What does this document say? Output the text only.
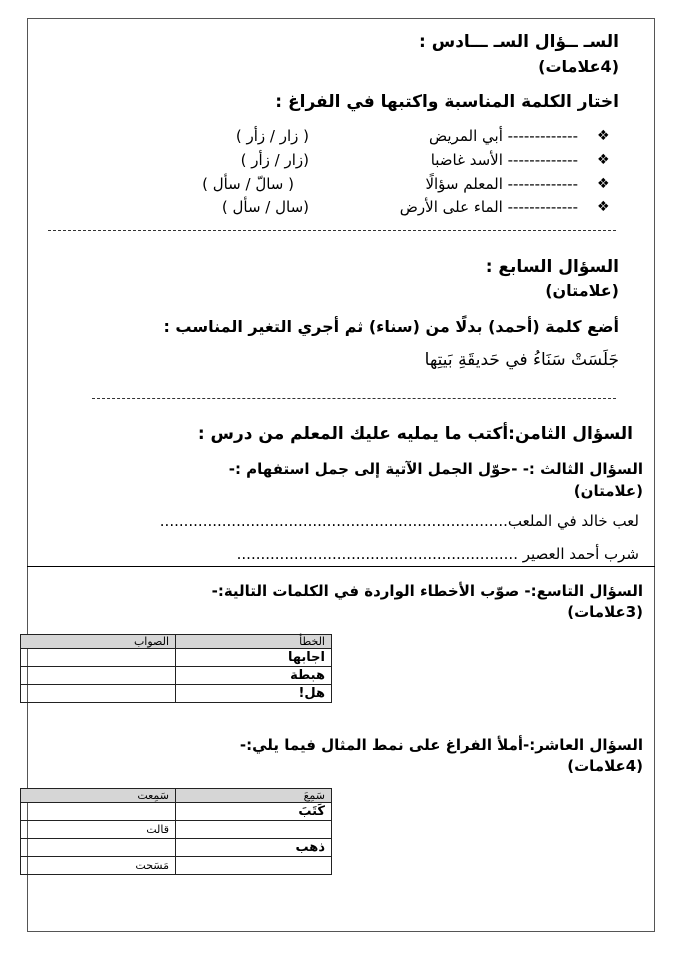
السـ ــؤال السـ ـــادس :
(4علامات)
اختار الكلمة المناسبة واكتبها في الفراغ :
❖
------------- أبي المريض
( زار / زأر )
❖
------------- الأسد غاضبا
(زار / زأر )
❖
------------- المعلم سؤالًا
( سالّ / سأل )
❖
------------- الماء على الأرض
(سال / سأل )
السؤال السابع :
(علامتان)
أضع كلمة (أحمد) بدلًا من (سناء) ثم أجري التغير المناسب :
جَلَسَتْ سَنَاءُ في حَديقَةِ بَيتِها
السؤال الثامن:أكتب ما يمليه عليك المعلم من درس :
السؤال الثالث :- -حوّل الجمل الآتية إلى جمل استفهام :-
(علامتان)
لعب خالد في الملعب.........................................................................
شرب أحمد العصير ...........................................................
السؤال التاسع:- صوّب الأخطاء الواردة في الكلمات التالية:-
(3علامات)
الخطأ	الصواب
اجابها	
هبطة	
هل!	
السؤال العاشر:-أملأ الفراغ على نمط المثال فيما يلي:-
(4علامات)
سَمِعَ	سَمِعت
كَتَبَ	
	قالت
ذهب	
	مَسَحت
